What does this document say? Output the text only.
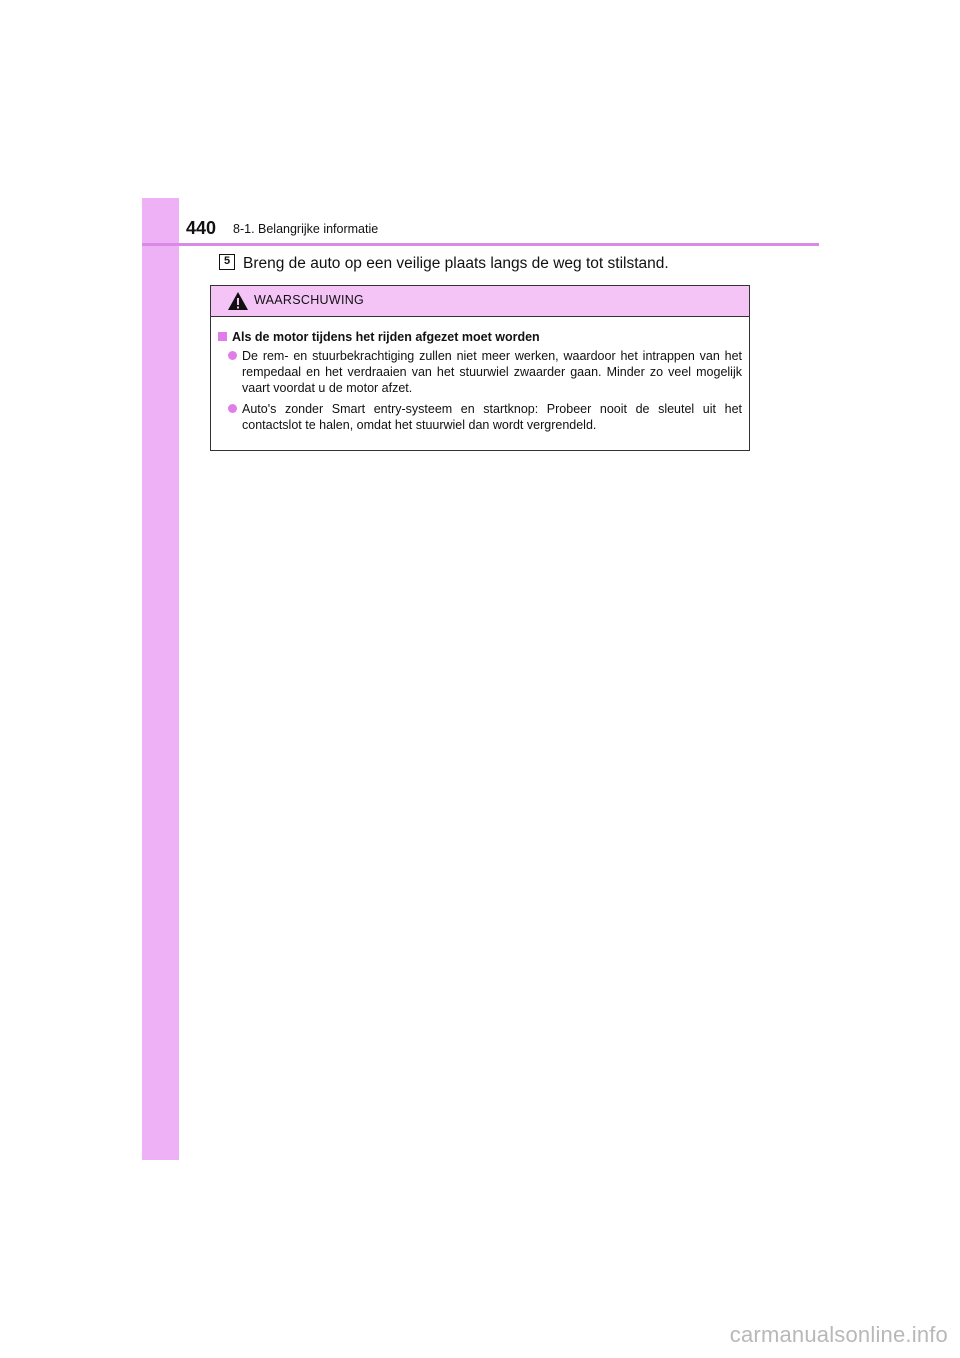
440 8-1. Belangrijke informatie
5 Breng de auto op een veilige plaats langs de weg tot stilstand.
WAARSCHUWING
Als de motor tijdens het rijden afgezet moet worden
De rem- en stuurbekrachtiging zullen niet meer werken, waardoor het intrappen van het rempedaal en het verdraaien van het stuurwiel zwaarder gaan. Minder zo veel mogelijk vaart voordat u de motor afzet.
Auto's zonder Smart entry-systeem en startknop: Probeer nooit de sleutel uit het contactslot te halen, omdat het stuurwiel dan wordt vergrendeld.
carmanualsonline.info
